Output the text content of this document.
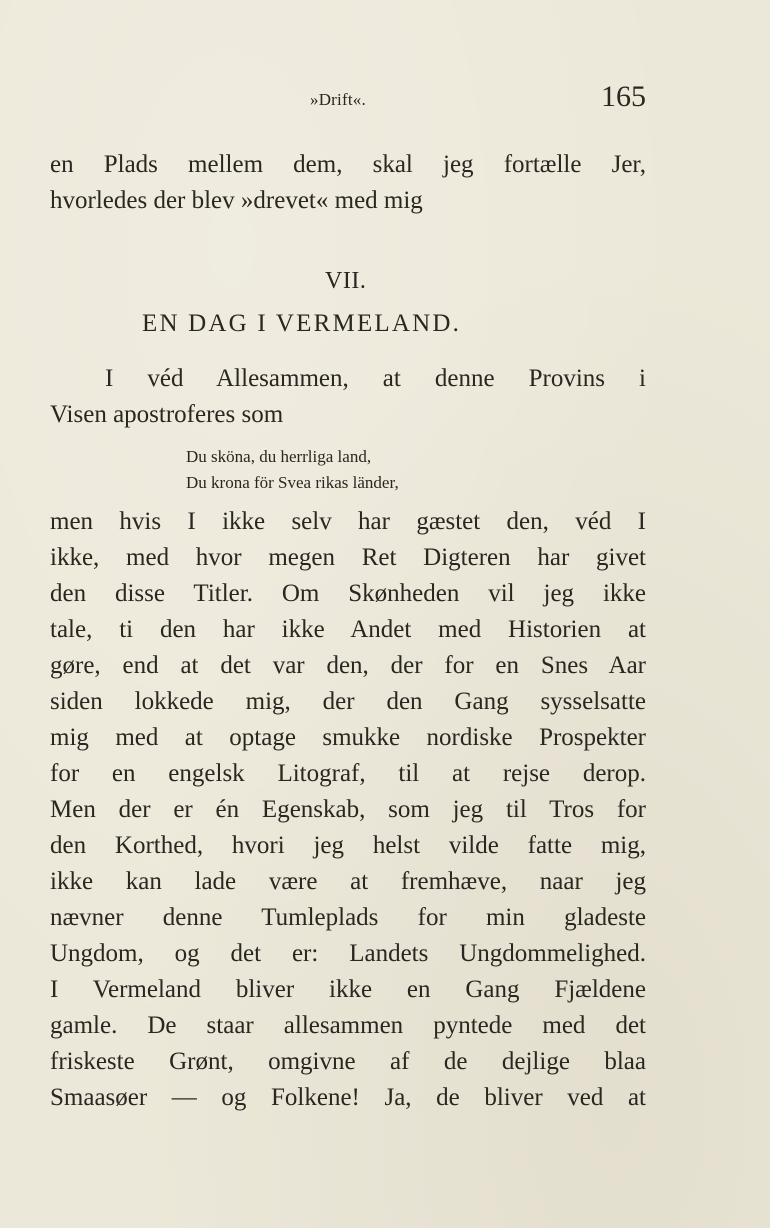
»Drift«.	165
en Plads mellem dem, skal jeg fortælle Jer,
hvorledes der blev »drevet« med mig
VII.
EN DAG I VERMELAND.
I véd Allesammen, at denne Provins i
Visen apostroferes som
Du sköna, du herrliga land,
Du krona för Svea rikas länder,
men hvis I ikke selv har gæstet den, véd I
ikke, med hvor megen Ret Digteren har givet
den disse Titler. Om Skønheden vil jeg ikke
tale, ti den har ikke Andet med Historien at
gøre, end at det var den, der for en Snes Aar
siden lokkede mig, der den Gang sysselsatte
mig med at optage smukke nordiske Prospekter
for en engelsk Litograf, til at rejse derop.
Men der er én Egenskab, som jeg til Tros for
den Korthed, hvori jeg helst vilde fatte mig,
ikke kan lade være at fremhæve, naar jeg
nævner denne Tumleplads for min gladeste
Ungdom, og det er: Landets Ungdommelighed.
I Vermeland bliver ikke en Gang Fjældene
gamle. De staar allesammen pyntede med det
friskeste Grønt, omgivne af de dejlige blaa
Smaasøer — og Folkene! Ja, de bliver ved at
